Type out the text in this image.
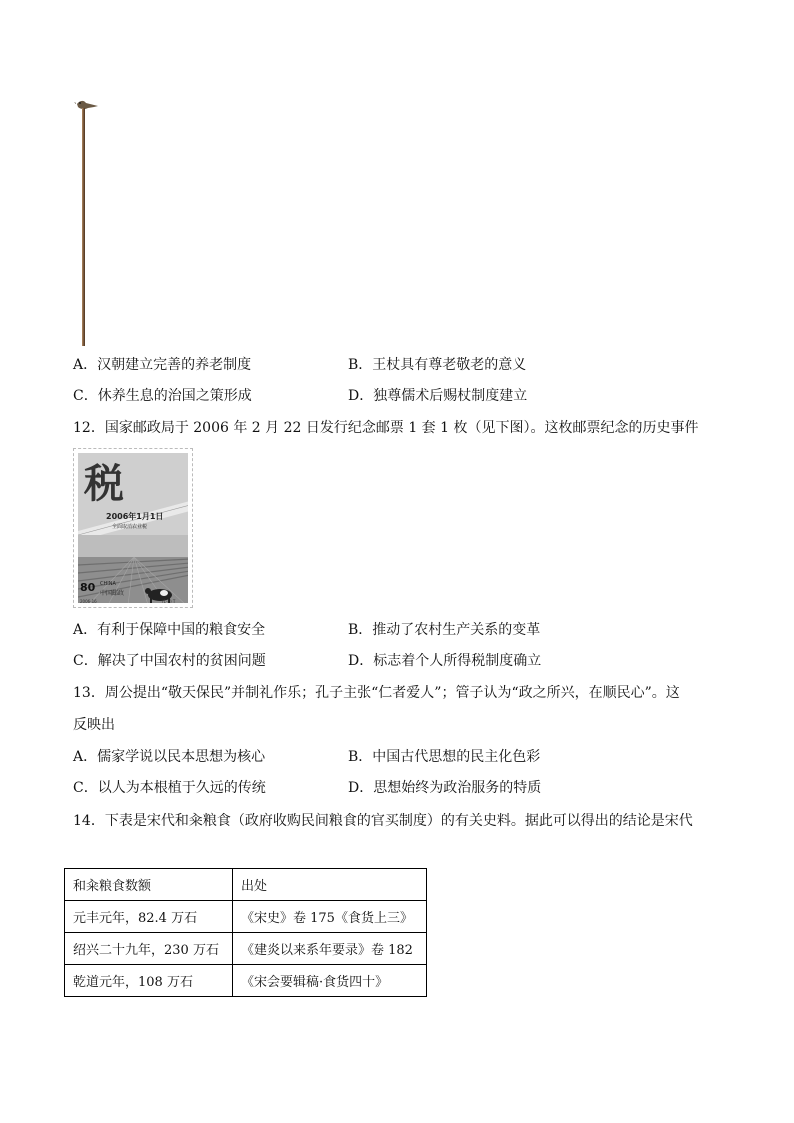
A．汉朝建立完善的养老制度	B．王杖具有尊老敬老的意义
C．休养生息的治国之策形成	D．独尊儒术后赐杖制度建立
12．国家邮政局于 2006 年 2 月 22 日发行纪念邮票 1 套 1 枚（见下图）。这枚邮票纪念的历史事件
税
2006年1月1日
全面取消农业税
80 CHINA
中国邮政
2006-16	(1-1) T
A．有利于保障中国的粮食安全	B．推动了农村生产关系的变革
C．解决了中国农村的贫困问题	D．标志着个人所得税制度确立
13．周公提出“敬天保民”并制礼作乐；孔子主张“仁者爱人”；管子认为“政之所兴，在顺民心”。这
反映出
A．儒家学说以民本思想为核心	B．中国古代思想的民主化色彩
C．以人为本根植于久远的传统	D．思想始终为政治服务的特质
14．下表是宋代和籴粮食（政府收购民间粮食的官买制度）的有关史料。据此可以得出的结论是宋代
和籴粮食数额	出处
元丰元年，82.4 万石	《宋史》卷 175《食货上三》
绍兴二十九年，230 万石	《建炎以来系年要录》卷 182
乾道元年，108 万石	《宋会要辑稿·食货四十》
